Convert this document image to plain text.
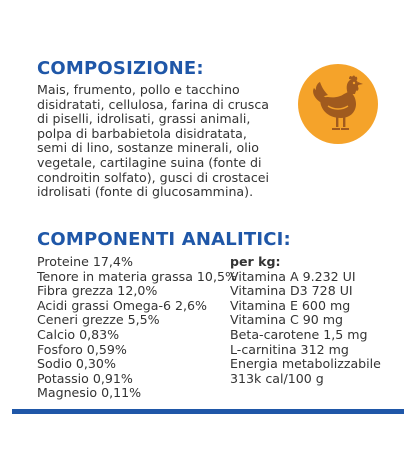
COMPOSIZIONE:

Mais, frumento, pollo e tacchino
disidratati, cellulosa, farina di crusca
di piselli, idrolisati, grassi animali,
polpa di barbabietola disidratata,
semi di lino, sostanze minerali, olio
vegetale, cartilagine suina (fonte di
condroitin solfato), gusci di crostacei
idrolisati (fonte di glucosammina).

COMPONENTI ANALITICI:
Proteine 17,4%
Tenore in materia grassa 10,5%
Fibra grezza 12,0%
Acidi grassi Omega-6 2,6%
Ceneri grezze 5,5%
Calcio 0,83%
Fosforo 0,59%
Sodio 0,30%
Potassio 0,91%
Magnesio 0,11%
per kg:
Vitamina A 9.232 UI
Vitamina D3 728 UI
Vitamina E 600 mg
Vitamina C 90 mg
Beta-carotene 1,5 mg
L-carnitina 312 mg
Energia metabolizzabile
313k cal/100 g
